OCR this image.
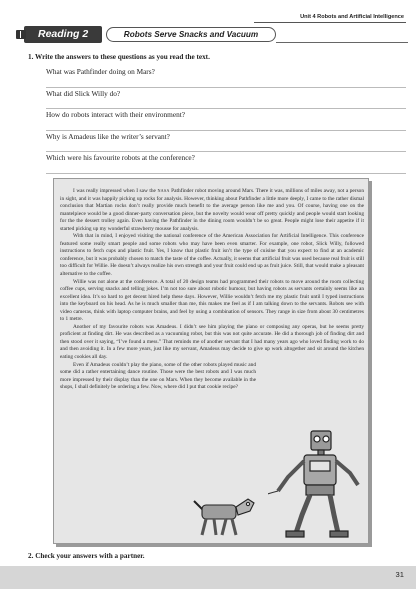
Unit 4 Robots and Artificial Intelligence
Reading 2	Robots Serve Snacks and Vacuum
1. Write the answers to these questions as you read the text.
What was Pathfinder doing on Mars?
What did Slick Willy do?
How do robots interact with their environment?
Why is Amadeus like the writer’s servant?
Which were his favourite robots at the conference?

I was really impressed when I saw the NASA Pathfinder robot moving around Mars. There it was, millions of miles away, not a person in sight, and it was happily picking up rocks for analysis. However, thinking about Pathfinder a little more deeply, I came to the rather dismal conclusion that Martian rocks don’t really provide much benefit to the average person like me and you. Of course, having one on the mantelpiece would be a good dinner-party conversation piece, but the novelty would wear off pretty quickly and people would start looking for the the dessert trolley again. Even having the Pathfinder in the dining room wouldn’t be so great. People might lose their appetite if it started picking up my wonderful strawberry mousse for analysis.

With that in mind, I enjoyed visiting the national conference of the American Association for Artificial Intelligence. This conference featured some really smart people and some robots who may have been even smarter. For example, one robot, Slick Willy, followed instructions to fetch cups and plastic fruit. Yes, I know that plastic fruit isn’t the type of cuisine that you expect to find at an academic conference, but it was probably chosen to match the taste of the coffee. Actually, it seems that artificial fruit was used because real fruit is still too difficult for Willie. He doesn’t always realize his own strength and your fruit could end up as fruit juice. Still, that would make a pleasant alternative to the coffee.

Willie was not alone at the conference. A total of 20 design teams had programmed their robots to move around the room collecting coffee cups, serving snacks and telling jokes. I’m not too sure about robotic humour, but having robots as servants certainly seems like an excellent idea. It’s so hard to get decent hired help these days. However, Willie wouldn’t fetch me my plastic fruit until I typed instructions into the keyboard on his head. As he is much smaller than me, this makes me feel as if I am talking down to the servants. Robots see with video cameras, think with laptop computer brains, and feel by using a combination of sensors. They range in size from about 30 centimetres to 1 metre.

Another of my favourite robots was Amadeus. I didn’t see him playing the piano or composing any operas, but he seems pretty proficient at finding dirt. He was described as a vacuuming robot, but this was not quite accurate. He did a thorough job of finding dirt and then stood over it saying, “I’ve found a mess.” That reminds me of another servant that I had many years ago who loved finding work to do and then avoiding it. In a few more years, just like my servant, Amadeus may decide to give up work altogether and sit around the kitchen eating cookies all day.

Even if Amadeus couldn’t play the piano, some of the other robots played music and some did a rather entertaining dance routine. Those were the best robots and I was much more impressed by their display than the one on Mars. When they become available in the shops, I shall definitely be ordering a few. Now, where did I put that cookie recipe?

2. Check your answers with a partner.
31
